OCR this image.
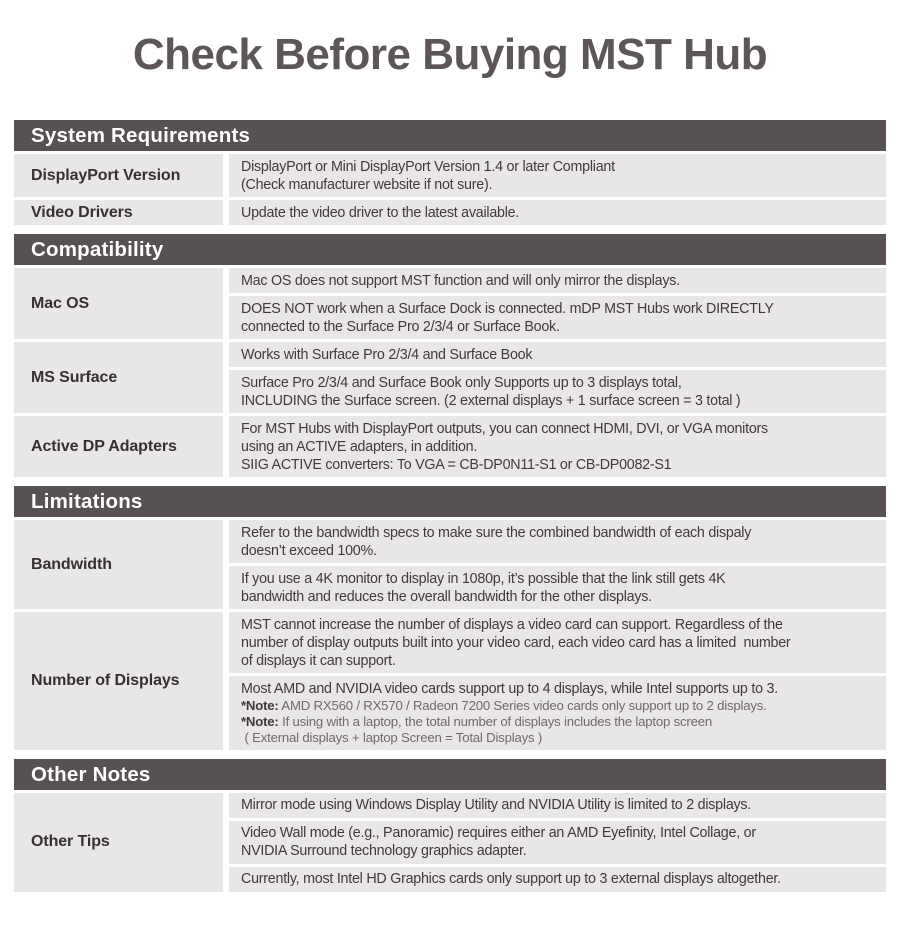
Check Before Buying MST Hub
System Requirements
DisplayPort Version	DisplayPort or Mini DisplayPort Version 1.4 or later Compliant
(Check manufacturer website if not sure).
Video Drivers	Update the video driver to the latest available.
Compatibility
Mac OS
Mac OS does not support MST function and will only mirror the displays.
DOES NOT work when a Surface Dock is connected. mDP MST Hubs work DIRECTLY
connected to the Surface Pro 2/3/4 or Surface Book.
MS Surface
Works with Surface Pro 2/3/4 and Surface Book
Surface Pro 2/3/4 and Surface Book only Supports up to 3 displays total,
INCLUDING the Surface screen. (2 external displays + 1 surface screen = 3 total )
Active DP Adapters
For MST Hubs with DisplayPort outputs, you can connect HDMI, DVI, or VGA monitors
using an ACTIVE adapters, in addition.
SIIG ACTIVE converters: To VGA = CB-DP0N11-S1 or CB-DP0082-S1
Limitations
Bandwidth
Refer to the bandwidth specs to make sure the combined bandwidth of each dispaly
doesn’t exceed 100%.
If you use a 4K monitor to display in 1080p, it’s possible that the link still gets 4K
bandwidth and reduces the overall bandwidth for the other displays.
Number of Displays
MST cannot increase the number of displays a video card can support. Regardless of the
number of display outputs built into your video card, each video card has a limited  number
of displays it can support.
Most AMD and NVIDIA video cards support up to 4 displays, while Intel supports up to 3.
*Note: AMD RX560 / RX570 / Radeon 7200 Series video cards only support up to 2 displays.
*Note: If using with a laptop, the total number of displays includes the laptop screen
( External displays + laptop Screen = Total Displays )
Other Notes
Other Tips
Mirror mode using Windows Display Utility and NVIDIA Utility is limited to 2 displays.
Video Wall mode (e.g., Panoramic) requires either an AMD Eyefinity, Intel Collage, or
NVIDIA Surround technology graphics adapter.
Currently, most Intel HD Graphics cards only support up to 3 external displays altogether.
